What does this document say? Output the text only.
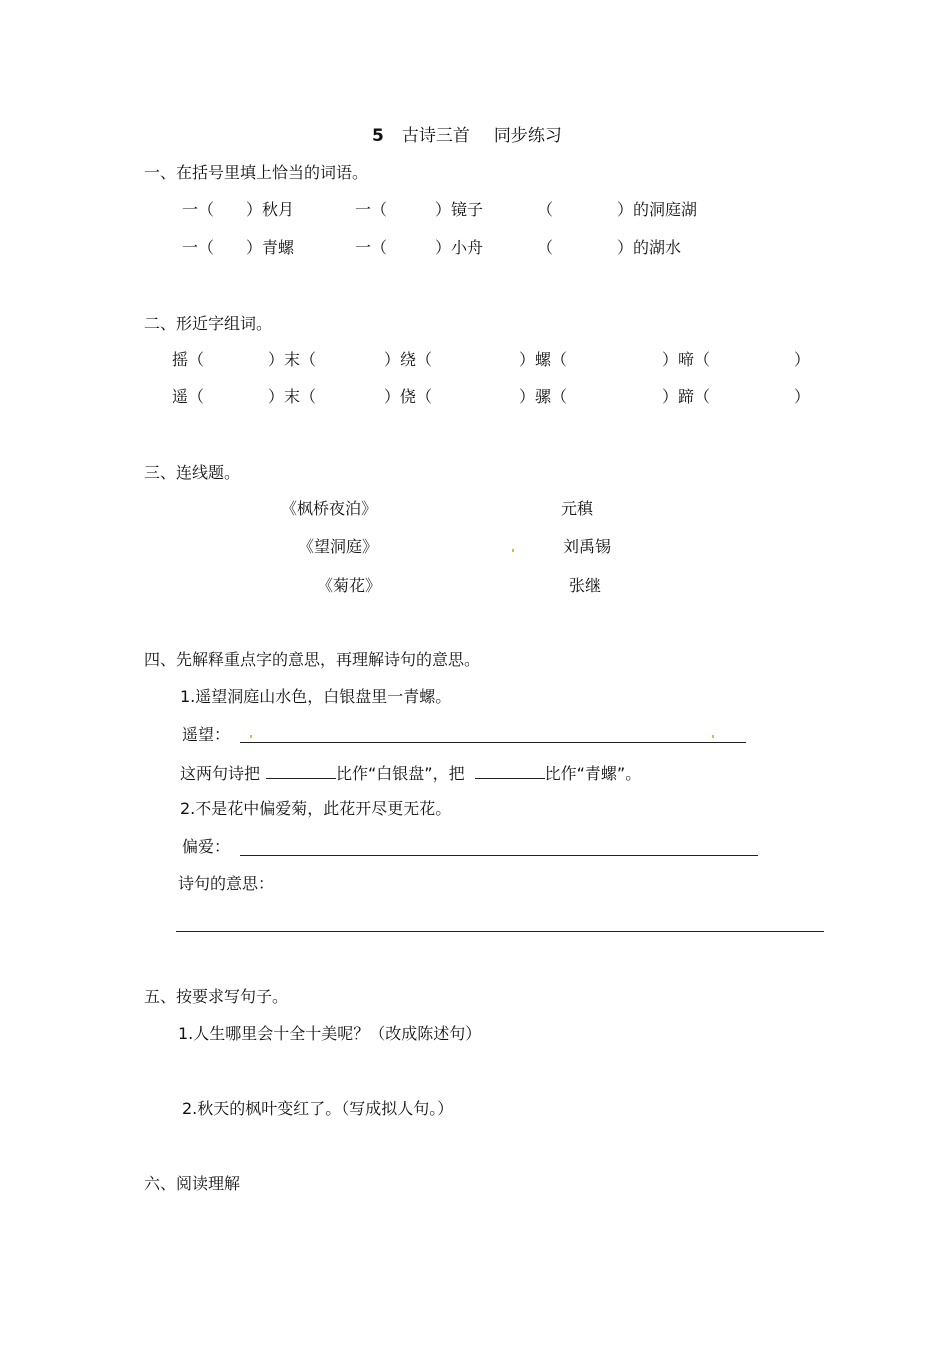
5 古诗三首 同步练习
一、在括号里填上恰当的词语。
一（　　）秋月	一（　　　）镜子	（　　　　）的洞庭湖
一（　　）青螺	一（　　　）小舟	（　　　　）的湖水
二、形近字组词。
摇（	）末（	）绕（	）螺（	）啼（	）
遥（	）末（	）侥（	）骡（	）蹄（	）
三、连线题。
《枫桥夜泊》
《望洞庭》
《菊花》
元稹
刘禹锡
张继
四、先解释重点字的意思，再理解诗句的意思。
1.遥望洞庭山水色，白银盘里一青螺。
遥望：
这两句诗把	比作“白银盘”，把	比作“青螺”。
2.不是花中偏爱菊，此花开尽更无花。
偏爱：
诗句的意思：
五、按要求写句子。
1.人生哪里会十全十美呢？（改成陈述句）
2.秋天的枫叶变红了。（写成拟人句。）
六、阅读理解
